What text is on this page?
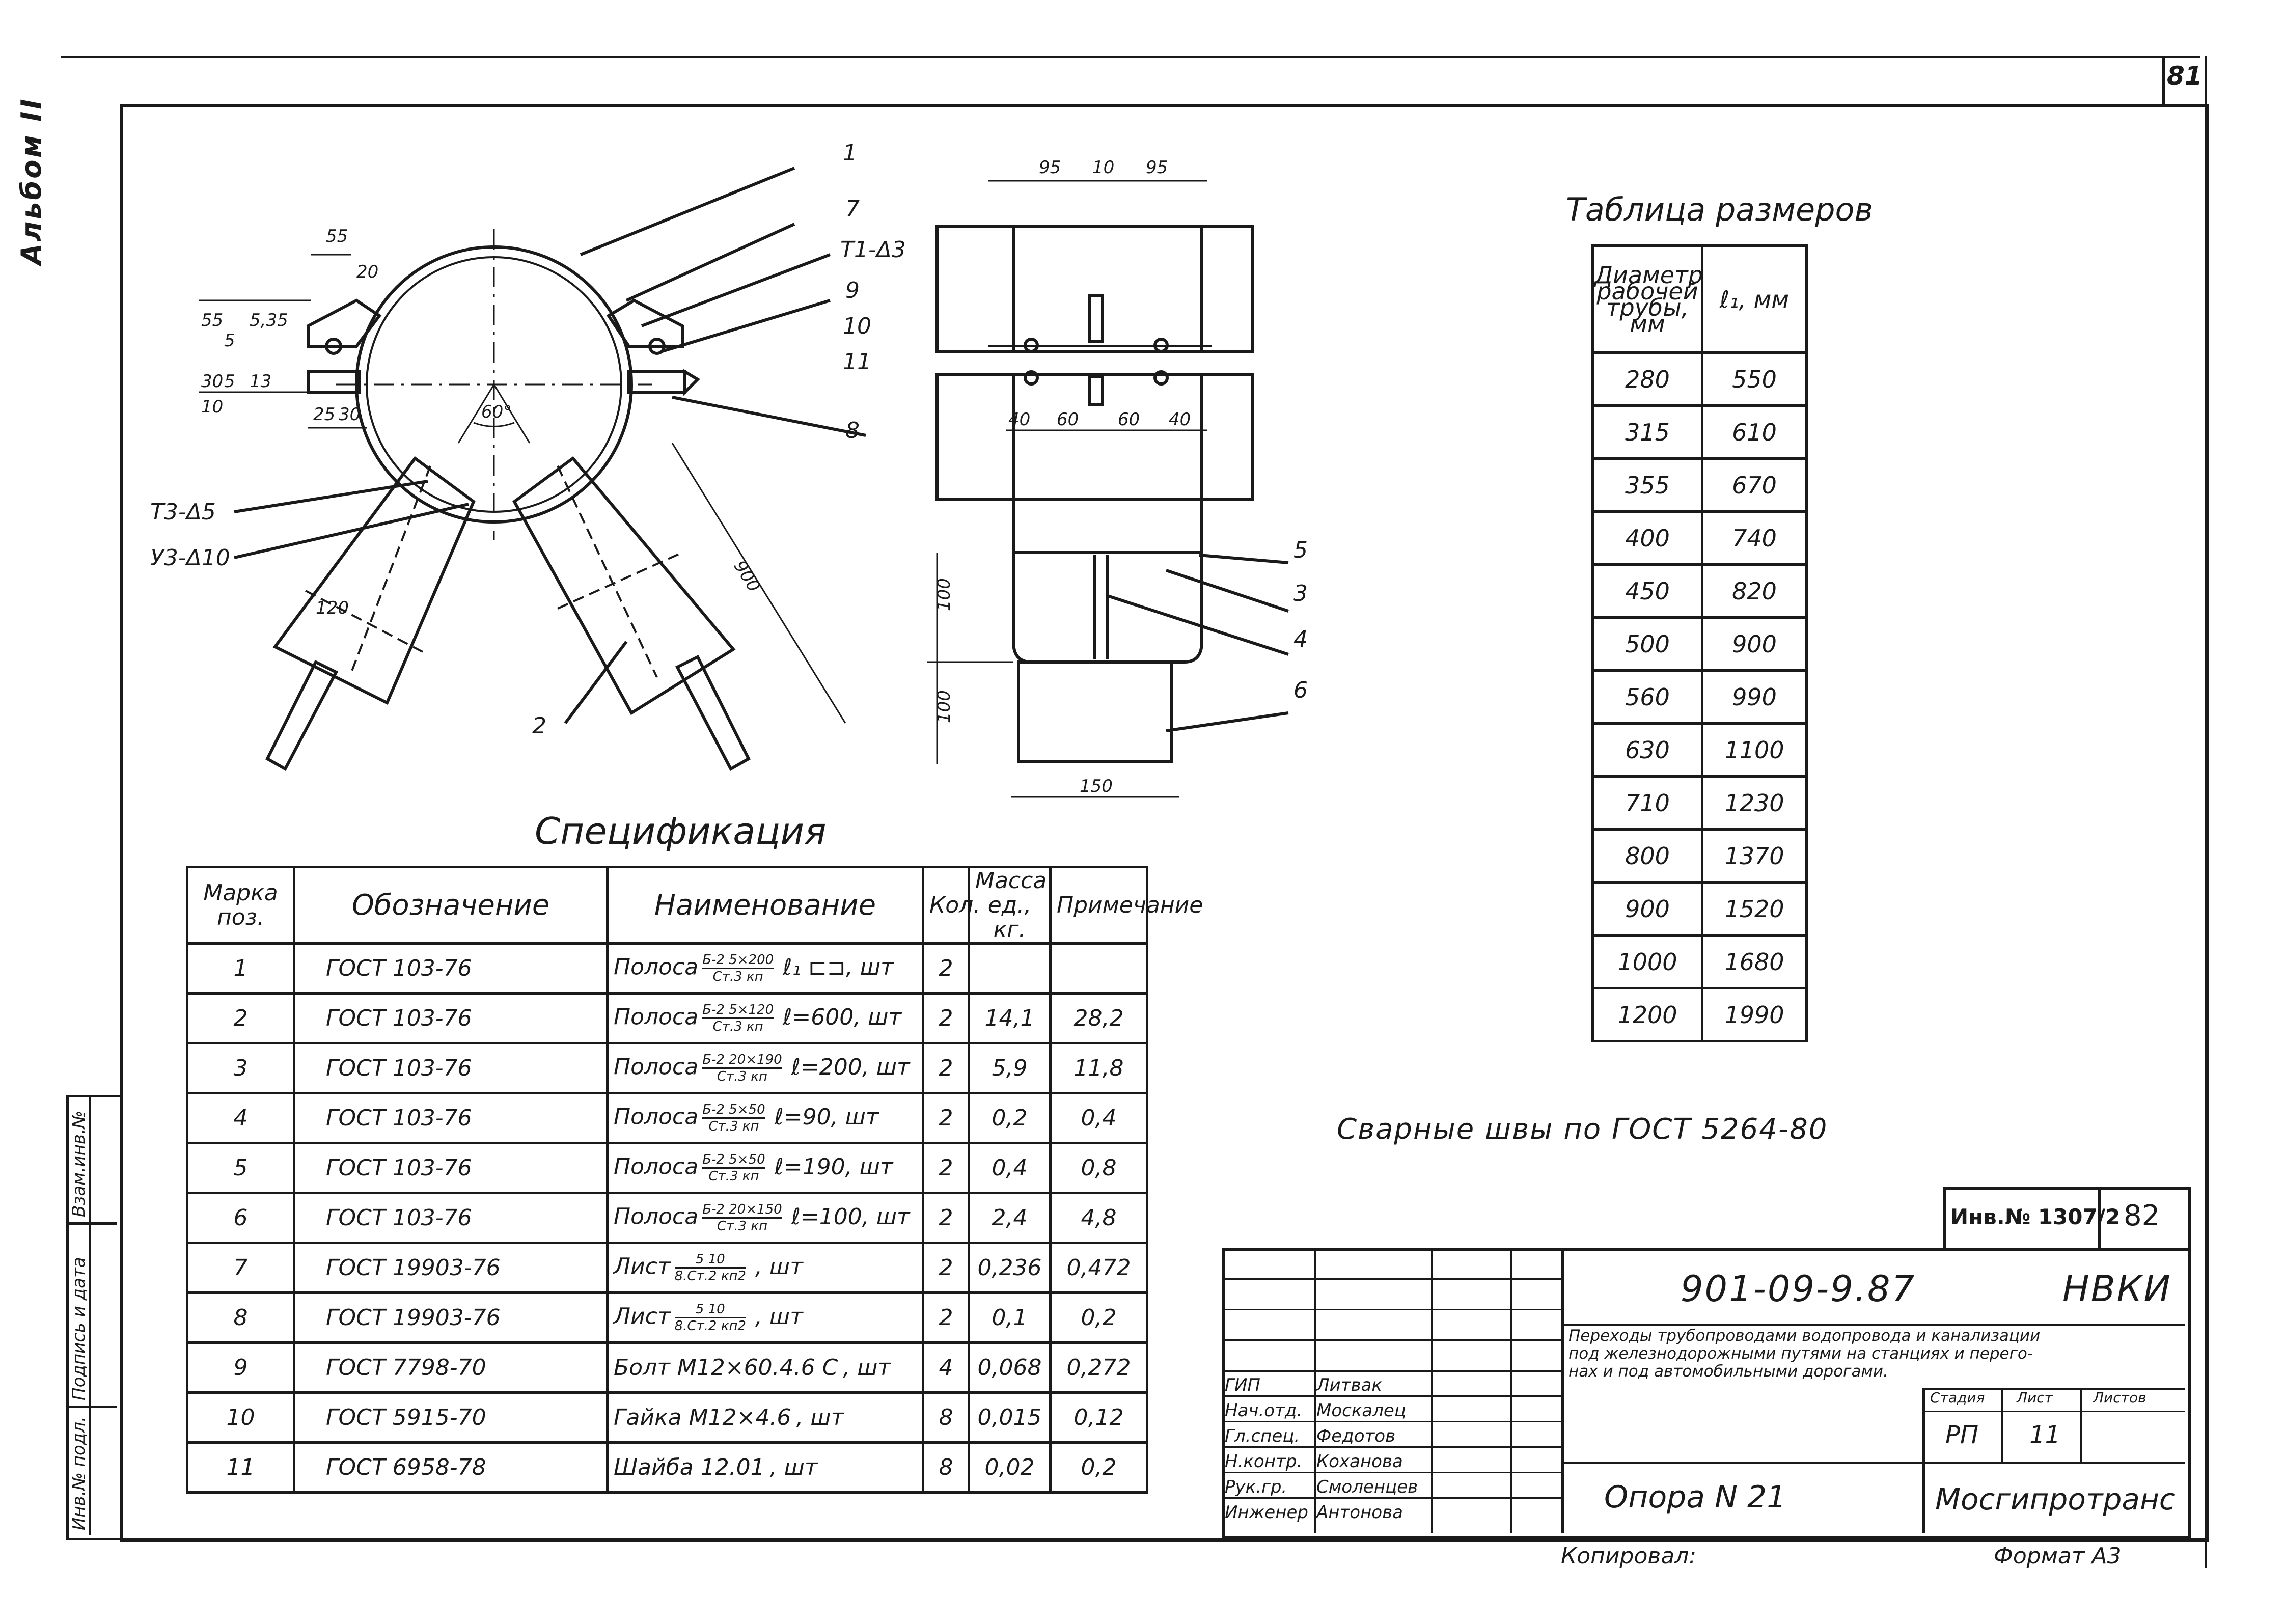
81
Альбом II
Взам.инв.№
Подпись и дата
Инв.№ подл.
1
7
T1-Δ3
9
10
11
8
2
5
3
4
6
T3-Δ5
У3-Δ10
55
20
55
5
5,35
30
10
5 13
25 30	60°
120
900
95 10 95
40 60 60 40
100
100
150
Таблица размеров
Диаметр рабочей трубы, мм	ℓ₁, мм
280	550
315	610
355	670
400	740
450	820
500	900
560	990
630	1100
710	1230
800	1370
900	1520
1000	1680
1200	1990
Сварные швы по ГОСТ 5264-80
Спецификация
Марка поз.	Обозначение	Наименование	Кол.	Масса ед., кг.	Примечание
1	ГОСТ 103-76	Полоса Б-2 5×200
Ст.3 кп ℓ₁ ⊏⊐, шт	2		
2	ГОСТ 103-76	Полоса Б-2 5×120
Ст.3 кп ℓ=600, шт	2	14,1	28,2
3	ГОСТ 103-76	Полоса Б-2 20×190
Ст.3 кп ℓ=200, шт	2	5,9	11,8
4	ГОСТ 103-76	Полоса Б-2 5×50
Ст.3 кп ℓ=90, шт	2	0,2	0,4
5	ГОСТ 103-76	Полоса Б-2 5×50
Ст.3 кп ℓ=190, шт	2	0,4	0,8
6	ГОСТ 103-76	Полоса Б-2 20×150
Ст.3 кп ℓ=100, шт	2	2,4	4,8
7	ГОСТ 19903-76	Лист 5 10
8.Ст.2 кп2 , шт	2	0,236	0,472
8	ГОСТ 19903-76	Лист 5 10
8.Ст.2 кп2 , шт	2	0,1	0,2
9	ГОСТ 7798-70	Болт М12×60.4.6 С , шт	4	0,068	0,272
10	ГОСТ 5915-70	Гайка М12×4.6 , шт	8	0,015	0,12
11	ГОСТ 6958-78	Шайба 12.01 , шт	8	0,02	0,2
Инв.№ 1307/2 82
ГИП	Литвак
Нач.отд. Москалец
Гл.спец. Федотов
Н.контр. Коханова
Рук.гр. Смоленцев
Инженер Антонова
901-09-9.87	НВКИ
Переходы трубопроводами водопровода и канализации
под железнодорожными путями на станциях и перего-
нах и под автомобильными дорогами.
Стадия Лист	Листов
РП 11
Опора N 21	Мосгипротранс
Копировал:	Формат А3
